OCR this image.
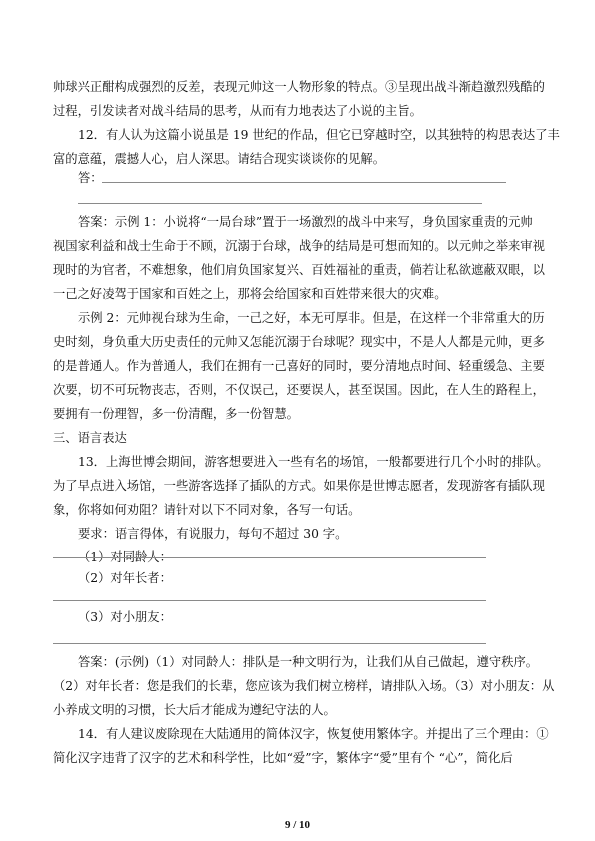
帅球兴正酣构成强烈的反差，表现元帅这一人物形象的特点。③呈现出战斗渐趋激烈残酷的
过程，引发读者对战斗结局的思考，从而有力地表达了小说的主旨。
12．有人认为这篇小说虽是 19 世纪的作品，但它已穿越时空，以其独特的构思表达了丰
富的意蕴，震撼人心，启人深思。请结合现实谈谈你的见解。
答：
答案：示例 1：小说将“一局台球”置于一场激烈的战斗中来写，身负国家重责的元帅
视国家利益和战士生命于不顾，沉溺于台球，战争的结局是可想而知的。以元帅之举来审视
现时的为官者，不难想象，他们肩负国家复兴、百姓福祉的重责，倘若让私欲遮蔽双眼，以
一己之好凌驾于国家和百姓之上，那将会给国家和百姓带来很大的灾难。
示例 2：元帅视台球为生命，一己之好，本无可厚非。但是，在这样一个非常重大的历
史时刻，身负重大历史责任的元帅又怎能沉溺于台球呢？现实中，不是人人都是元帅，更多
的是普通人。作为普通人，我们在拥有一己喜好的同时，要分清地点时间、轻重缓急、主要
次要，切不可玩物丧志，否则，不仅误己，还要误人，甚至误国。因此，在人生的路程上，
要拥有一份理智，多一份清醒，多一份智慧。
三、语言表达
13．上海世博会期间，游客想要进入一些有名的场馆，一般都要进行几个小时的排队。
为了早点进入场馆，一些游客选择了插队的方式。如果你是世博志愿者，发现游客有插队现
象，你将如何劝阻？请针对以下不同对象，各写一句话。
要求：语言得体，有说服力，每句不超过 30 字。
（1）对同龄人：
（2）对年长者：
（3）对小朋友：
答案：(示例)（1）对同龄人：排队是一种文明行为，让我们从自己做起，遵守秩序。
（2）对年长者：您是我们的长辈，您应该为我们树立榜样，请排队入场。（3）对小朋友：从
小养成文明的习惯，长大后才能成为遵纪守法的人。
14．有人建议废除现在大陆通用的简体汉字，恢复使用繁体字。并提出了三个理由：①
简化汉字违背了汉字的艺术和科学性，比如“爱”字，繁体字“愛”里有个 “心”，简化后
9 / 10
